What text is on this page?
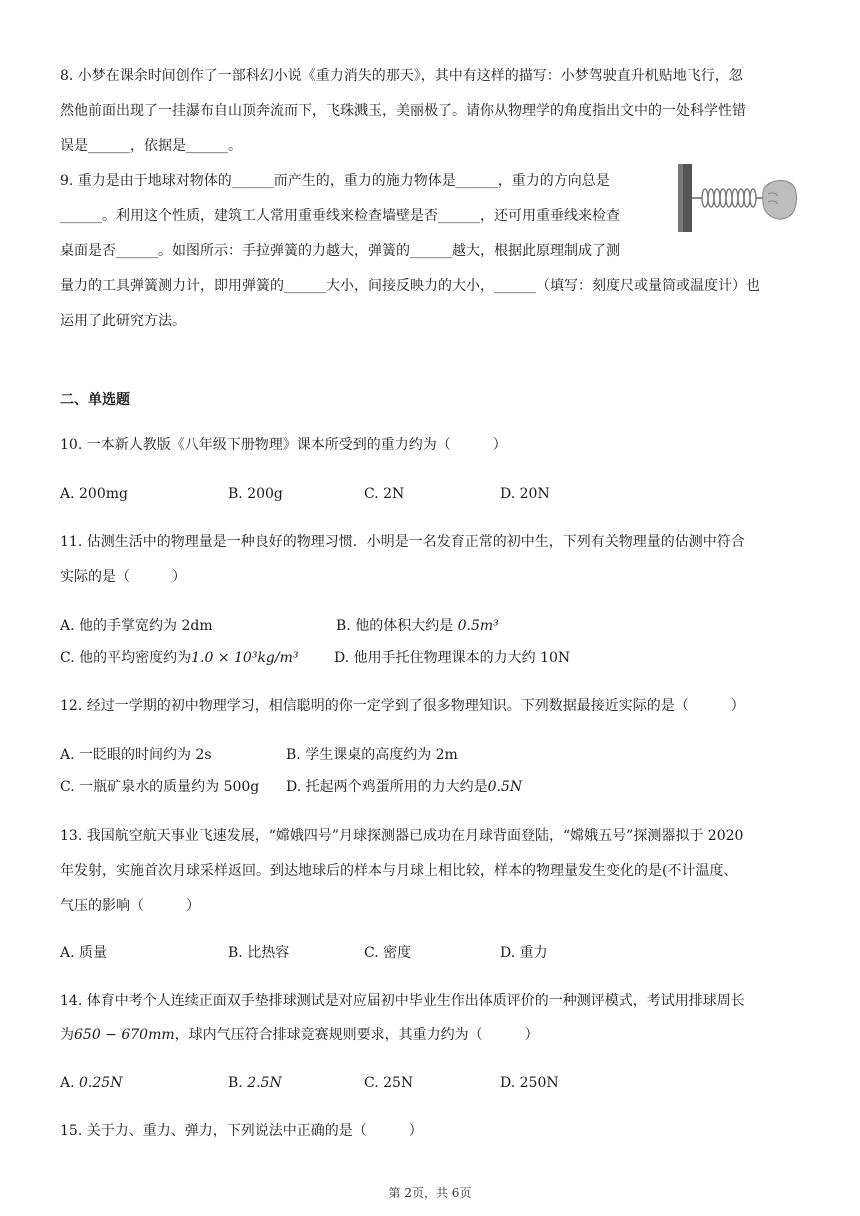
8. 小梦在课余时间创作了一部科幻小说《重力消失的那天》，其中有这样的描写：小梦驾驶直升机贴地飞行，忽
然他前面出现了一挂瀑布自山顶奔流而下，飞珠溅玉，美丽极了。请你从物理学的角度指出文中的一处科学性错
误是______，依据是______。
9. 重力是由于地球对物体的______而产生的，重力的施力物体是______，重力的方向总是
______。利用这个性质，建筑工人常用重垂线来检查墙壁是否______，还可用重垂线来检查
桌面是否______。如图所示：手拉弹簧的力越大，弹簧的______越大，根据此原理制成了测
量力的工具弹簧测力计，即用弹簧的______大小，间接反映力的大小，______（填写：刻度尺或量筒或温度计）也
运用了此研究方法。
二、单选题
10. 一本新人教版《八年级下册物理》课本所受到的重力约为（　　　）
A. 200mg	B. 200g	C. 2N	D. 20N
11. 估测生活中的物理量是一种良好的物理习惯．小明是一名发育正常的初中生，下列有关物理量的估测中符合
实际的是（　　　）
A. 他的手掌宽约为 2dm	B. 他的体积大约是 0.5m³
C. 他的平均密度约为1.0 × 10³kg/m³	D. 他用手托住物理课本的力大约 10N
12. 经过一学期的初中物理学习，相信聪明的你一定学到了很多物理知识。下列数据最接近实际的是（　　　）
A. 一眨眼的时间约为 2s	B. 学生课桌的高度约为 2m
C. 一瓶矿泉水的质量约为 500g D. 托起两个鸡蛋所用的力大约是0.5N
13. 我国航空航天事业飞速发展，“嫦娥四号”月球探测器已成功在月球背面登陆，“嫦娥五号”探测器拟于 2020
年发射，实施首次月球采样返回。到达地球后的样本与月球上相比较，样本的物理量发生变化的是(不计温度、
气压的影响（　　　）
A. 质量	B. 比热容	C. 密度	D. 重力
14. 体育中考个人连续正面双手垫排球测试是对应届初中毕业生作出体质评价的一种测评模式，考试用排球周长
为650 − 670mm，球内气压符合排球竞赛规则要求，其重力约为（　　　）
A. 0.25N	B. 2.5N	C. 25N	D. 250N
15. 关于力、重力、弹力，下列说法中正确的是（　　　）
第 2页，共 6页
